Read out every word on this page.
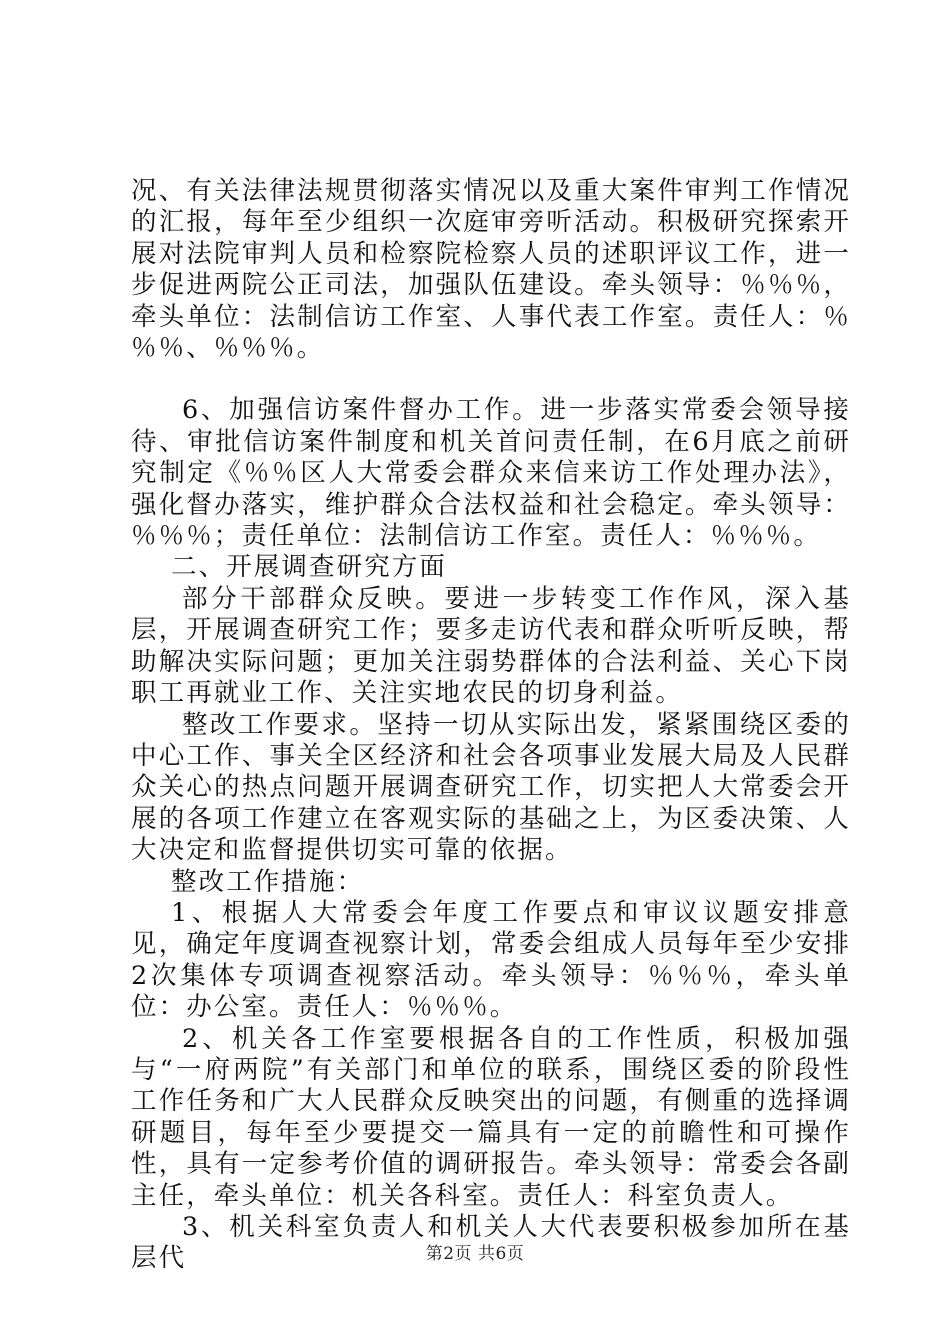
况、有关法律法规贯彻落实情况以及重大案件审判工作情况的汇报，每年至少组织一次庭审旁听活动。积极研究探索开展对法院审判人员和检察院检察人员的述职评议工作，进一步促进两院公正司法，加强队伍建设。牵头领导：％％％，牵头单位：法制信访工作室、人事代表工作室。责任人：％％％、％％％。

6、加强信访案件督办工作。进一步落实常委会领导接待、审批信访案件制度和机关首问责任制，在6月底之前研究制定《％％区人大常委会群众来信来访工作处理办法》，强化督办落实，维护群众合法权益和社会稳定。牵头领导：％％％；责任单位：法制信访工作室。责任人：％％％。

二、开展调查研究方面

部分干部群众反映。要进一步转变工作作风，深入基层，开展调查研究工作；要多走访代表和群众听听反映，帮助解决实际问题；更加关注弱势群体的合法利益、关心下岗职工再就业工作、关注实地农民的切身利益。

整改工作要求。坚持一切从实际出发，紧紧围绕区委的中心工作、事关全区经济和社会各项事业发展大局及人民群众关心的热点问题开展调查研究工作，切实把人大常委会开展的各项工作建立在客观实际的基础之上，为区委决策、人大决定和监督提供切实可靠的依据。

整改工作措施：

1、根据人大常委会年度工作要点和审议议题安排意见，确定年度调查视察计划，常委会组成人员每年至少安排2次集体专项调查视察活动。牵头领导：％％％，牵头单位：办公室。责任人：％％％。

2、机关各工作室要根据各自的工作性质，积极加强与“一府两院”有关部门和单位的联系，围绕区委的阶段性工作任务和广大人民群众反映突出的问题，有侧重的选择调研题目，每年至少要提交一篇具有一定的前瞻性和可操作性，具有一定参考价值的调研报告。牵头领导：常委会各副主任，牵头单位：机关各科室。责任人：科室负责人。

3、机关科室负责人和机关人大代表要积极参加所在基层代	第2页 共6页
